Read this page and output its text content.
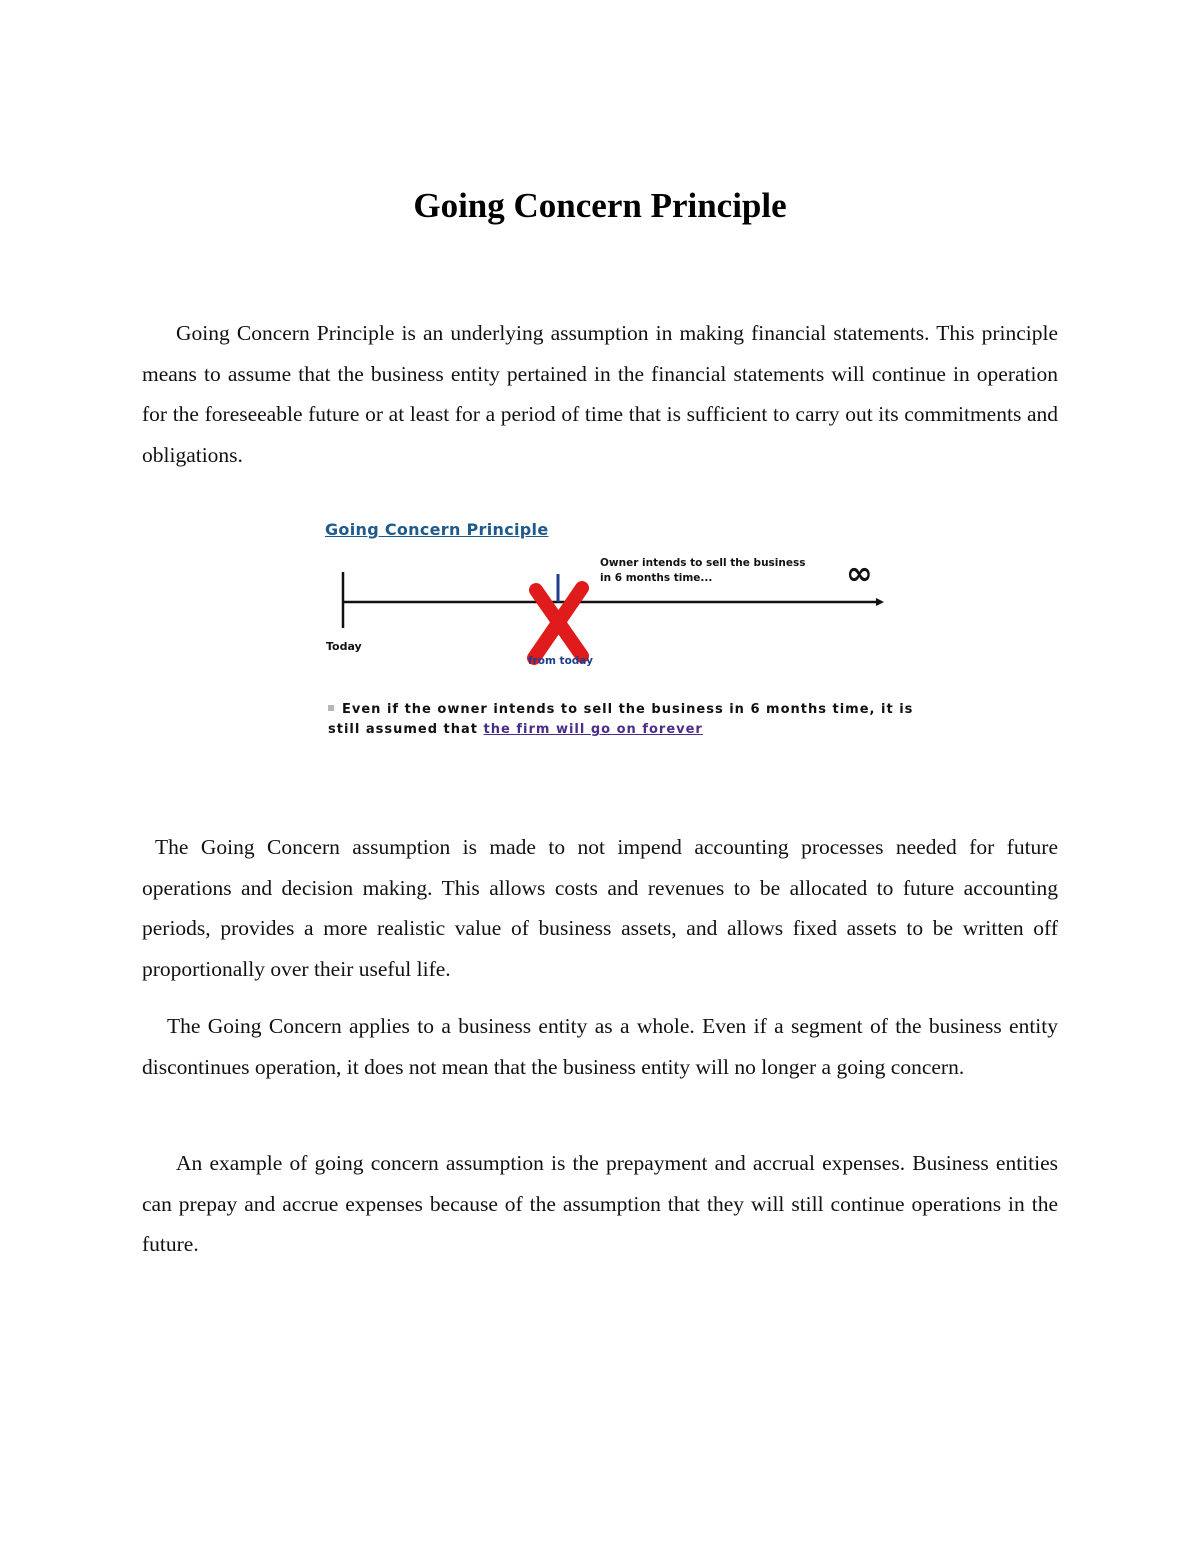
Going Concern Principle

Going Concern Principle is an underlying assumption in making financial statements. This principle means to assume that the business entity pertained in the financial statements will continue in operation for the foreseeable future or at least for a period of time that is sufficient to carry out its commitments and obligations.

∞
Going Concern Principle
Owner intends to sell the business in 6 months time...
Today
from today
Even if the owner intends to sell the business in 6 months time, it is still assumed that the firm will go on forever

The Going Concern assumption is made to not impend accounting processes needed for future operations and decision making. This allows costs and revenues to be allocated to future accounting periods, provides a more realistic value of business assets, and allows fixed assets to be written off proportionally over their useful life.

The Going Concern applies to a business entity as a whole. Even if a segment of the business entity discontinues operation, it does not mean that the business entity will no longer a going concern.

An example of going concern assumption is the prepayment and accrual expenses. Business entities can prepay and accrue expenses because of the assumption that they will still continue operations in the future.
